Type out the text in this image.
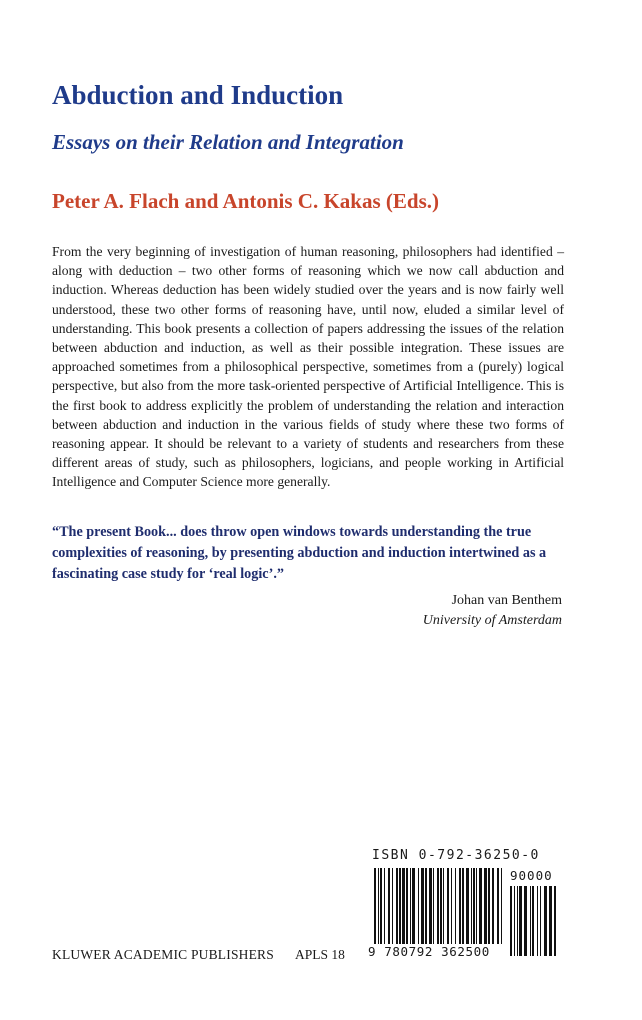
Abduction and Induction
Essays on their Relation and Integration
Peter A. Flach and Antonis C. Kakas (Eds.)

From the very beginning of investigation of human reasoning, philosophers had identified – along with deduction – two other forms of reasoning which we now call abduction and induction. Whereas deduction has been widely studied over the years and is now fairly well understood, these two other forms of reasoning have, until now, eluded a similar level of understanding. This book presents a collection of papers addressing the issues of the relation between abduction and induction, as well as their possible integration. These issues are approached sometimes from a philosophical perspective, sometimes from a (purely) logical perspective, but also from the more task-oriented perspective of Artificial Intelligence. This is the first book to address explicitly the problem of understanding the relation and interaction between abduction and induction in the various fields of study where these two forms of reasoning appear. It should be relevant to a variety of students and researchers from these different areas of study, such as philosophers, logicians, and people working in Artificial Intelligence and Computer Science more generally.

“The present Book... does throw open windows towards understanding the true complexities of reasoning, by presenting abduction and induction intertwined as a fascinating case study for ‘real logic’.”

Johan van Benthem
University of Amsterdam
ISBN 0-792-36250-0
90000
9 780792 362500
KLUWER ACADEMIC PUBLISHERS APLS 18
